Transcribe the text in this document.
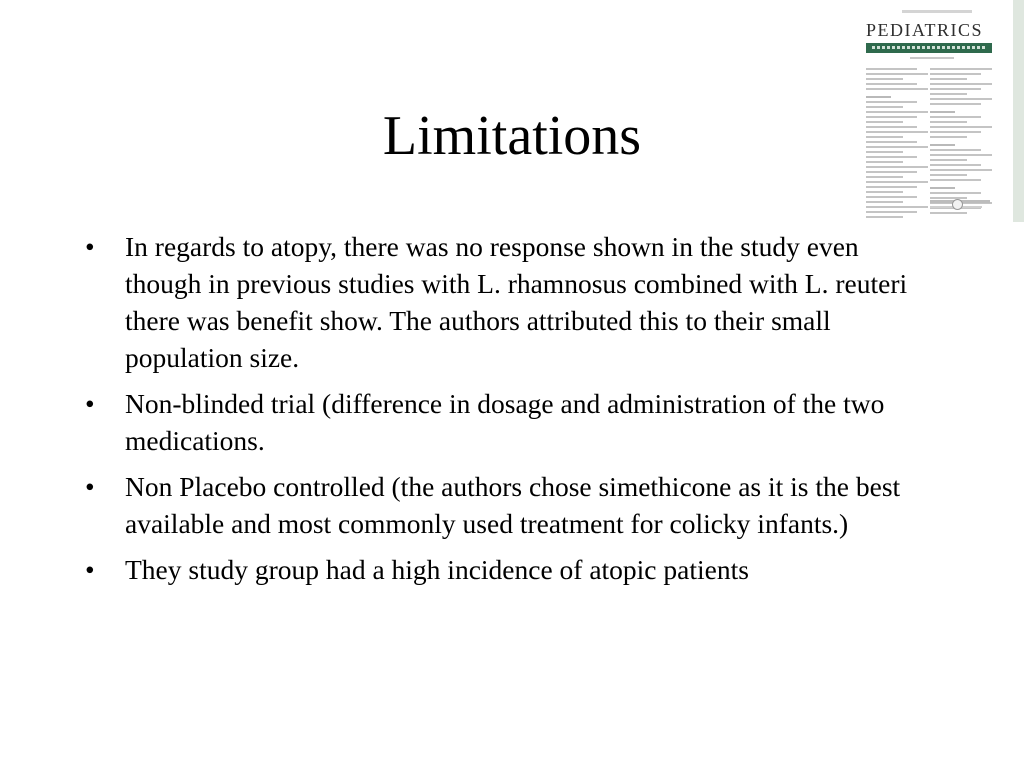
Limitations
PEDIATRICS
•	In regards to atopy, there was no response shown in the study even though in previous studies with L. rhamnosus combined with L. reuteri there was benefit show. The authors attributed this to their small population size.
•	Non-blinded trial (difference in dosage and administration of the two medications.
•	Non Placebo controlled (the authors chose simethicone as it is the best available and most commonly used treatment for colicky infants.)
•	They study group had a high incidence of atopic patients
